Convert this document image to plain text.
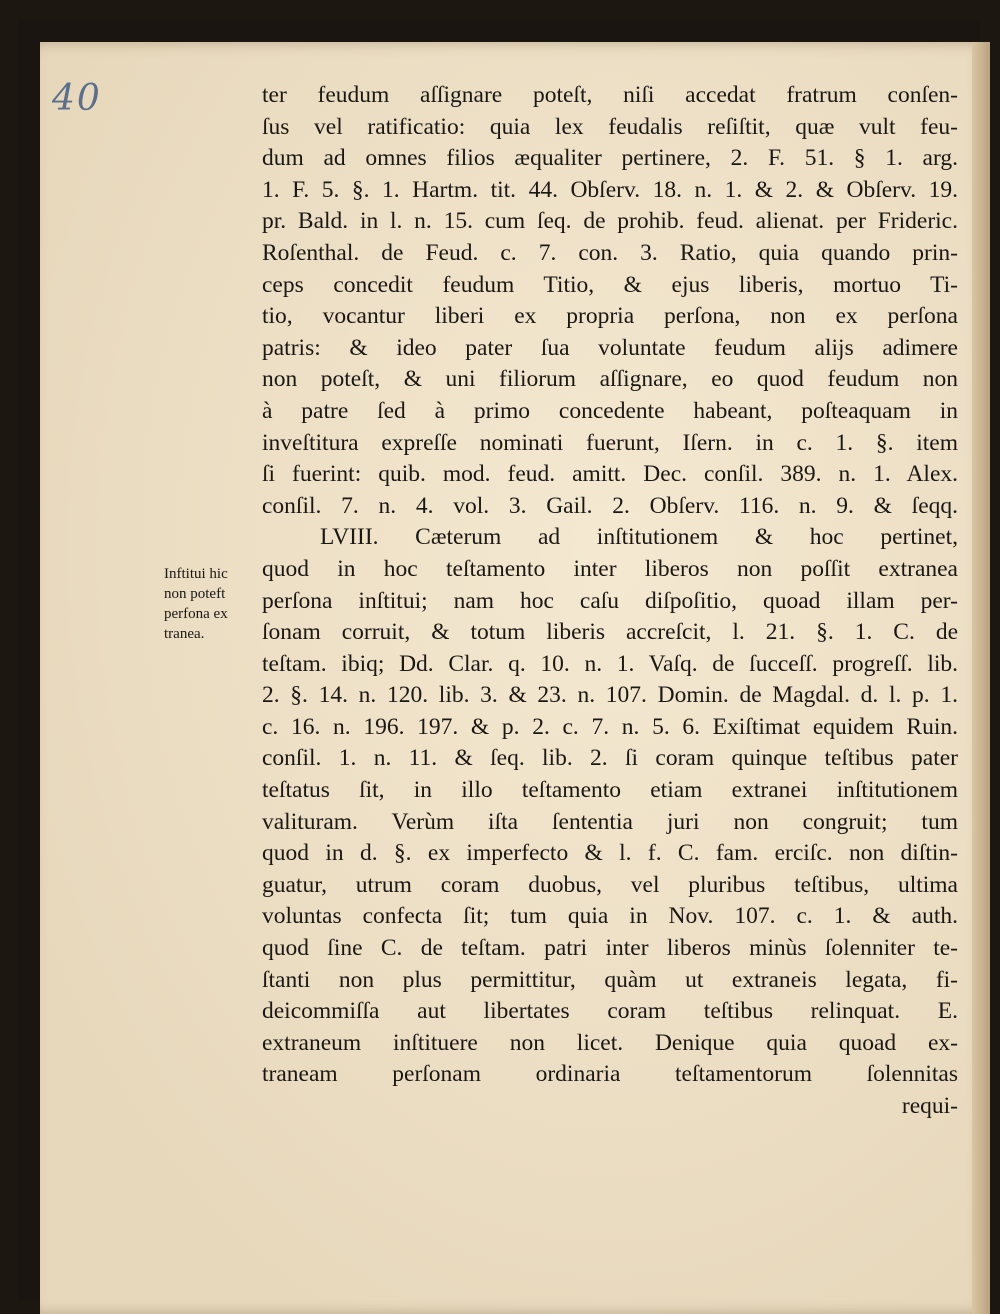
40
Inftitui hic
non poteft
perfona ex
tranea.
ter feudum aſſignare poteſt, niſi accedat fratrum conſen-
ſus vel ratificatio: quia lex feudalis reſiſtit, quæ vult feu-
dum ad omnes filios æqualiter pertinere, 2. F. 51. § 1. arg.
1. F. 5. §. 1. Hartm. tit. 44. Obſerv. 18. n. 1. & 2. & Obſerv. 19.
pr. Bald. in l. n. 15. cum ſeq. de prohib. feud. alienat. per Frideric.
Roſenthal. de Feud. c. 7. con. 3. Ratio, quia quando prin-
ceps concedit feudum Titio, & ejus liberis, mortuo Ti-
tio, vocantur liberi ex propria perſona, non ex perſona
patris: & ideo pater ſua voluntate feudum alijs adimere
non poteſt, & uni filiorum aſſignare, eo quod feudum non
à patre ſed à primo concedente habeant, poſteaquam in
inveſtitura expreſſe nominati fuerunt, Iſern. in c. 1. §. item
ſi fuerint: quib. mod. feud. amitt. Dec. conſil. 389. n. 1. Alex.
conſil. 7. n. 4. vol. 3. Gail. 2. Obſerv. 116. n. 9. & ſeqq.
LVIII. Cæterum ad inſtitutionem & hoc pertinet,
quod in hoc teſtamento inter liberos non poſſit extranea
perſona inſtitui; nam hoc caſu diſpoſitio, quoad illam per-
ſonam corruit, & totum liberis accreſcit, l. 21. §. 1. C. de
teſtam. ibiq; Dd. Clar. q. 10. n. 1. Vaſq. de ſucceſſ. progreſſ. lib.
2. §. 14. n. 120. lib. 3. & 23. n. 107. Domin. de Magdal. d. l. p. 1.
c. 16. n. 196. 197. & p. 2. c. 7. n. 5. 6. Exiſtimat equidem Ruin.
conſil. 1. n. 11. & ſeq. lib. 2. ſi coram quinque teſtibus pater
teſtatus ſit, in illo teſtamento etiam extranei inſtitutionem
valituram. Verùm iſta ſententia juri non congruit; tum
quod in d. §. ex imperfecto & l. f. C. fam. erciſc. non diſtin-
guatur, utrum coram duobus, vel pluribus teſtibus, ultima
voluntas confecta ſit; tum quia in Nov. 107. c. 1. & auth.
quod ſine C. de teſtam. patri inter liberos minùs ſolenniter te-
ſtanti non plus permittitur, quàm ut extraneis legata, fi-
deicommiſſa aut libertates coram teſtibus relinquat. E.
extraneum inſtituere non licet. Denique quia quoad ex-
traneam perſonam ordinaria teſtamentorum ſolennitas
requi-
